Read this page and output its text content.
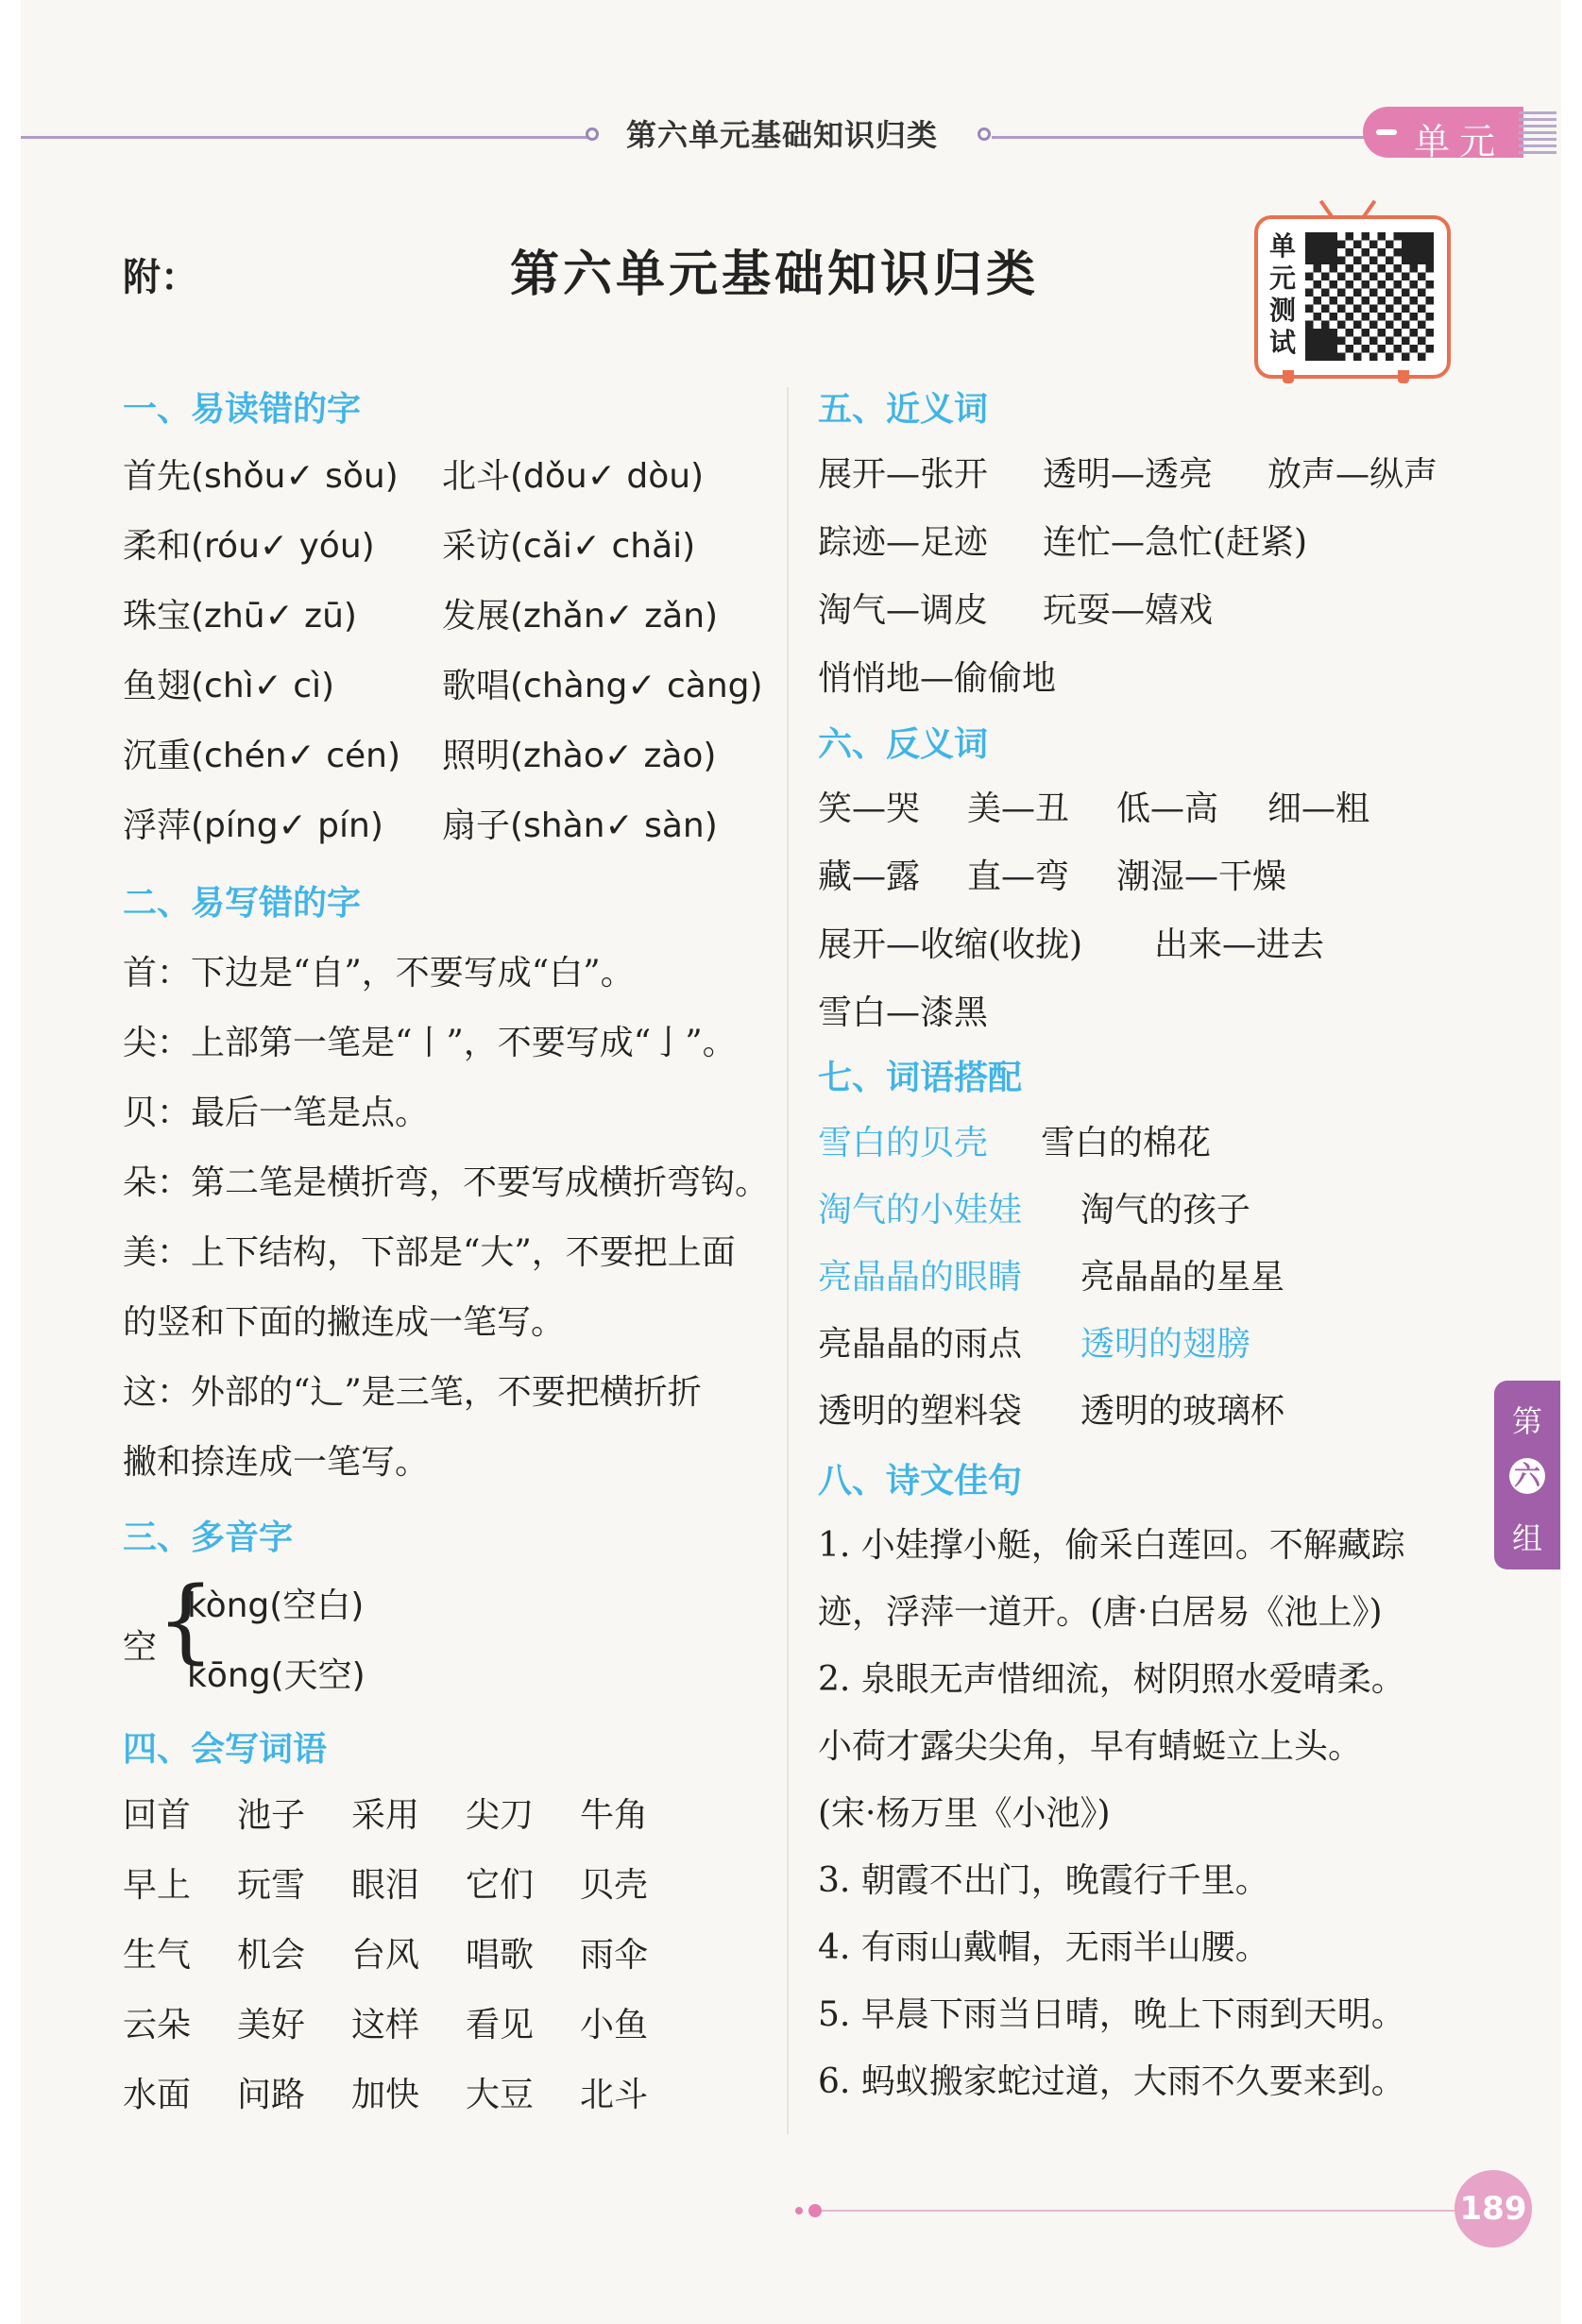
第六单元基础知识归类	单元
附：	第六单元基础知识归类
单元测试
一、易读错的字
首先(shǒu✓ sǒu) 北斗(dǒu✓ dòu)
柔和(róu✓ yóu) 采访(cǎi✓ chǎi)
珠宝(zhū✓ zū)	发展(zhǎn✓ zǎn)
鱼翅(chì✓ cì)	歌唱(chàng✓ càng)
沉重(chén✓ cén) 照明(zhào✓ zào)
浮萍(píng✓ pín) 扇子(shàn✓ sàn)
二、易写错的字
首：下边是“自”，不要写成“白”。
尖：上部第一笔是“丨”，不要写成“亅”。
贝：最后一笔是点。
朵：第二笔是横折弯，不要写成横折弯钩。
美：上下结构，下部是“大”，不要把上面
的竖和下面的撇连成一笔写。
这：外部的“辶”是三笔，不要把横折折
撇和捺连成一笔写。
三、多音字
空 {
kòng(空白)
kōng(天空)
四、会写词语
回首 池子 采用 尖刀 牛角
早上 玩雪 眼泪 它们 贝壳
生气 机会 台风 唱歌 雨伞
云朵 美好 这样 看见 小鱼
水面 问路 加快 大豆 北斗
五、近义词
展开—张开 透明—透亮 放声—纵声
踪迹—足迹 连忙—急忙(赶紧)
淘气—调皮 玩耍—嬉戏
悄悄地—偷偷地
六、反义词
笑—哭 美—丑 低—高 细—粗
藏—露 直—弯 潮湿—干燥
展开—收缩(收拢) 出来—进去
雪白—漆黑
七、词语搭配
雪白的贝壳 雪白的棉花
淘气的小娃娃 淘气的孩子
亮晶晶的眼睛 亮晶晶的星星
亮晶晶的雨点 透明的翅膀
透明的塑料袋 透明的玻璃杯
八、诗文佳句
1. 小娃撑小艇，偷采白莲回。不解藏踪
迹，浮萍一道开。(唐·白居易《池上》)
2. 泉眼无声惜细流，树阴照水爱晴柔。
小荷才露尖尖角，早有蜻蜓立上头。
(宋·杨万里《小池》)
3. 朝霞不出门，晚霞行千里。
4. 有雨山戴帽，无雨半山腰。
5. 早晨下雨当日晴，晚上下雨到天明。
6. 蚂蚁搬家蛇过道，大雨不久要来到。
第
六
组
189
